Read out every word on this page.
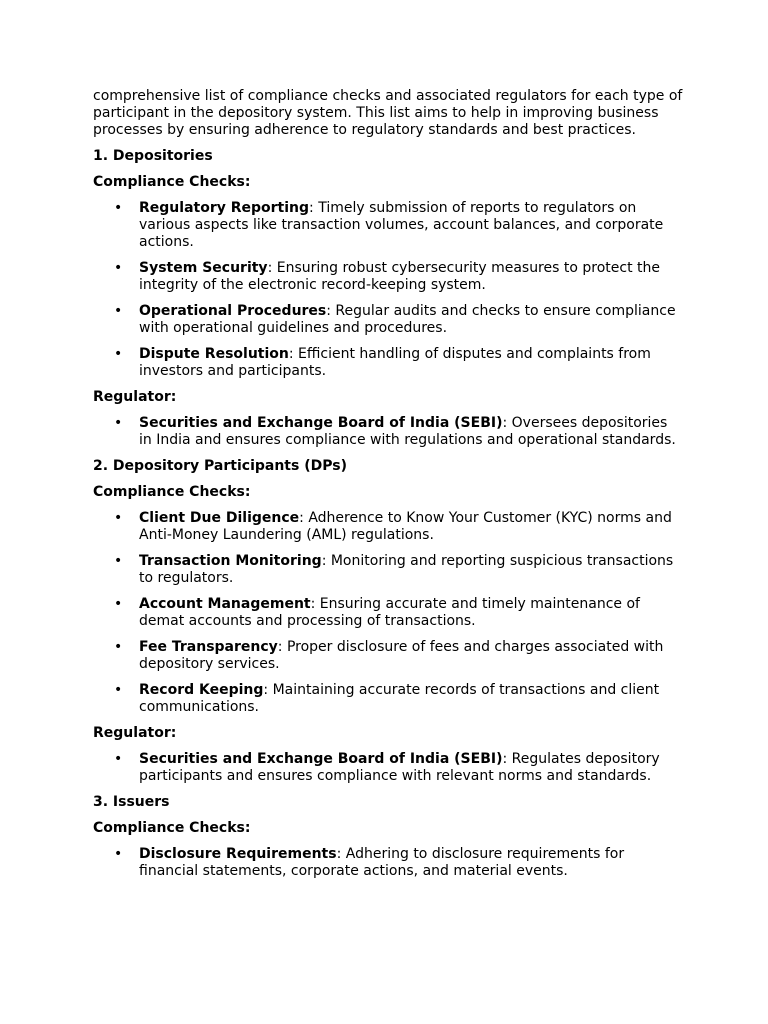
comprehensive list of compliance checks and associated regulators for each type of participant in the depository system. This list aims to help in improving business processes by ensuring adherence to regulatory standards and best practices.

1. Depositories

Compliance Checks:

• Regulatory Reporting: Timely submission of reports to regulators on various aspects like transaction volumes, account balances, and corporate actions.
• System Security: Ensuring robust cybersecurity measures to protect the integrity of the electronic record-keeping system.
• Operational Procedures: Regular audits and checks to ensure compliance with operational guidelines and procedures.
• Dispute Resolution: Efficient handling of disputes and complaints from investors and participants.

Regulator:

• Securities and Exchange Board of India (SEBI): Oversees depositories in India and ensures compliance with regulations and operational standards.

2. Depository Participants (DPs)

Compliance Checks:

• Client Due Diligence: Adherence to Know Your Customer (KYC) norms and Anti-Money Laundering (AML) regulations.
• Transaction Monitoring: Monitoring and reporting suspicious transactions to regulators.
• Account Management: Ensuring accurate and timely maintenance of demat accounts and processing of transactions.
• Fee Transparency: Proper disclosure of fees and charges associated with depository services.
• Record Keeping: Maintaining accurate records of transactions and client communications.

Regulator:

• Securities and Exchange Board of India (SEBI): Regulates depository participants and ensures compliance with relevant norms and standards.

3. Issuers

Compliance Checks:

• Disclosure Requirements: Adhering to disclosure requirements for financial statements, corporate actions, and material events.
